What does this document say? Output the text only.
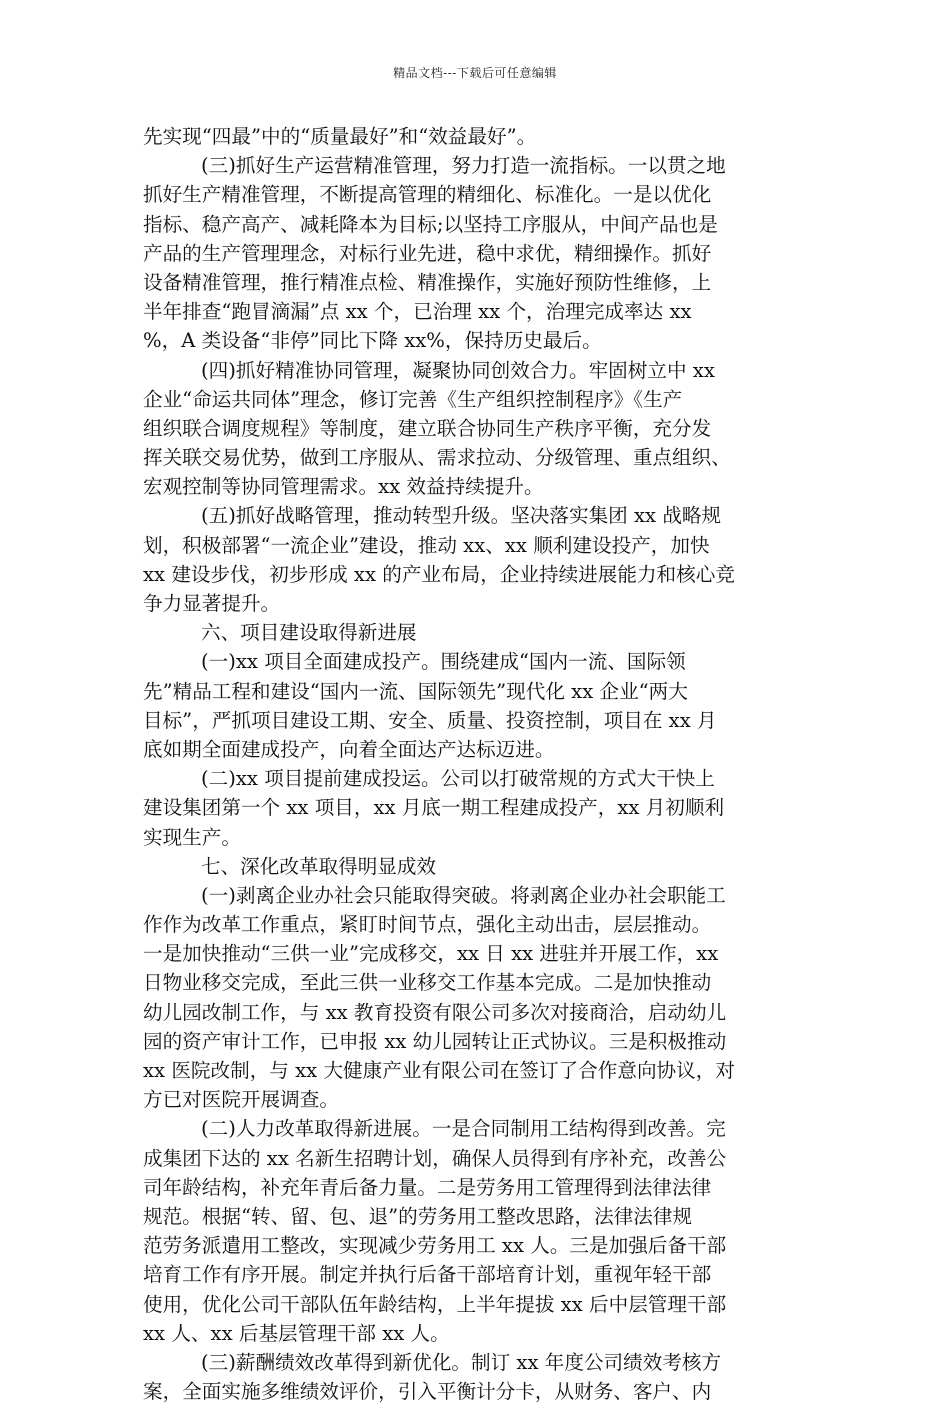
精品文档---下载后可任意编辑
先实现“四最”中的“质量最好”和“效益最好”。
(三)抓好生产运营精准管理，努力打造一流指标。一以贯之地
抓好生产精准管理，不断提高管理的精细化、标准化。一是以优化
指标、稳产高产、减耗降本为目标;以坚持工序服从，中间产品也是
产品的生产管理理念，对标行业先进，稳中求优，精细操作。抓好
设备精准管理，推行精准点检、精准操作，实施好预防性维修，上
半年排查“跑冒滴漏”点 xx 个，已治理 xx 个，治理完成率达 xx
%，A 类设备“非停”同比下降 xx%，保持历史最后。
(四)抓好精准协同管理，凝聚协同创效合力。牢固树立中 xx
企业“命运共同体”理念，修订完善《生产组织控制程序》《生产
组织联合调度规程》等制度，建立联合协同生产秩序平衡，充分发
挥关联交易优势，做到工序服从、需求拉动、分级管理、重点组织、
宏观控制等协同管理需求。xx 效益持续提升。
(五)抓好战略管理，推动转型升级。坚决落实集团 xx 战略规
划，积极部署“一流企业”建设，推动 xx、xx 顺利建设投产，加快
xx 建设步伐，初步形成 xx 的产业布局，企业持续进展能力和核心竞
争力显著提升。
六、项目建设取得新进展
(一)xx 项目全面建成投产。围绕建成“国内一流、国际领
先”精品工程和建设“国内一流、国际领先”现代化 xx 企业“两大
目标”，严抓项目建设工期、安全、质量、投资控制，项目在 xx 月
底如期全面建成投产，向着全面达产达标迈进。
(二)xx 项目提前建成投运。公司以打破常规的方式大干快上
建设集团第一个 xx 项目，xx 月底一期工程建成投产，xx 月初顺利
实现生产。
七、深化改革取得明显成效
(一)剥离企业办社会只能取得突破。将剥离企业办社会职能工
作作为改革工作重点，紧盯时间节点，强化主动出击，层层推动。
一是加快推动“三供一业”完成移交，xx 日 xx 进驻并开展工作，xx
日物业移交完成，至此三供一业移交工作基本完成。二是加快推动
幼儿园改制工作，与 xx 教育投资有限公司多次对接商洽，启动幼儿
园的资产审计工作，已申报 xx 幼儿园转让正式协议。三是积极推动
xx 医院改制，与 xx 大健康产业有限公司在签订了合作意向协议，对
方已对医院开展调查。
(二)人力改革取得新进展。一是合同制用工结构得到改善。完
成集团下达的 xx 名新生招聘计划，确保人员得到有序补充，改善公
司年龄结构，补充年青后备力量。二是劳务用工管理得到法律法律
规范。根据“转、留、包、退”的劳务用工整改思路，法律法律规
范劳务派遣用工整改，实现减少劳务用工 xx 人。三是加强后备干部
培育工作有序开展。制定并执行后备干部培育计划，重视年轻干部
使用，优化公司干部队伍年龄结构，上半年提拔 xx 后中层管理干部
xx 人、xx 后基层管理干部 xx 人。
(三)薪酬绩效改革得到新优化。制订 xx 年度公司绩效考核方
案，全面实施多维绩效评价，引入平衡计分卡，从财务、客户、内
